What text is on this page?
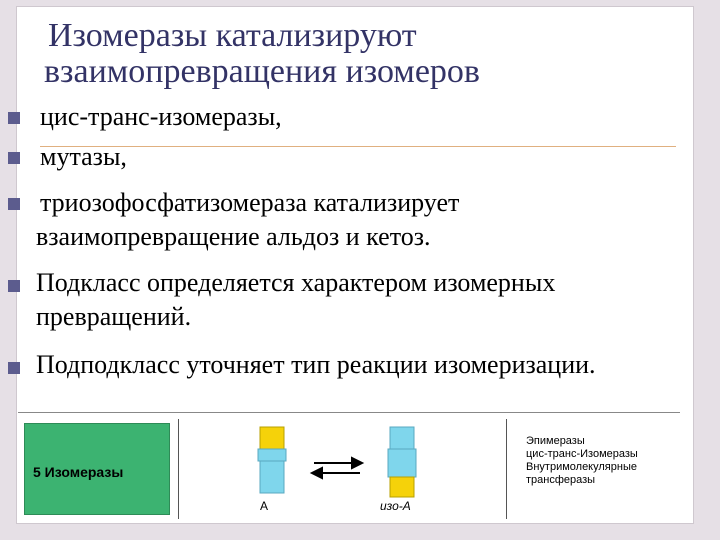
Изомеразы катализируют
взаимопревращения изомеров
цис-транс-изомеразы,
мутазы,
триозофосфатизомераза катализирует
взаимопревращение альдоз и кетоз.
Подкласс определяется характером изомерных
превращений.
Подподкласс уточняет тип реакции изомеризации.
5 Изомеразы
A	изо-А
Эпимеразы
цис-транс-Изомеразы
Внутримолекулярные
трансферазы
